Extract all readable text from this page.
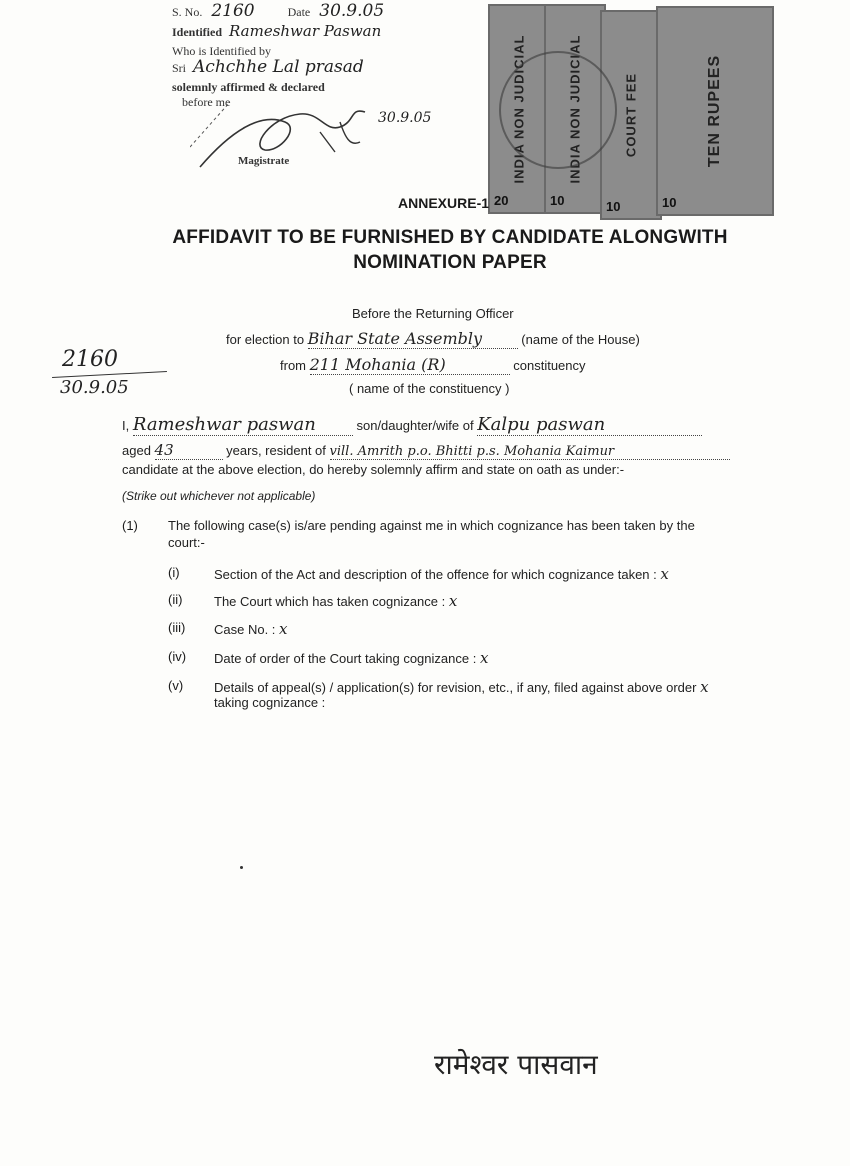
S. No. 2160	Date 30.9.05
Identified Rameshwar Paswan
Who is Identified by
Sri Achchhe Lal prasad
solemnly affirmed & declared
before me
30.9.05
Magistrate	INDIA NON JUDICIAL
20
INDIA NON JUDICIAL
10
COURT FEE
10
TEN RUPEES
10
ANNEXURE-1
AFFIDAVIT TO BE FURNISHED BY CANDIDATE ALONGWITH
NOMINATION PAPER
2160
30.9.05
Before the Returning Officer
for election to Bihar State Assembly	(name of the House)
from 211 Mohania (R)	constituency
( name of the constituency )
I, Rameshwar paswan	son/daughter/wife of Kalpu paswan
aged 43	years, resident of vill. Amrith p.o. Bhitti p.s. Mohania Kaimur
candidate at the above election, do hereby solemnly affirm and state on oath as under:-
(Strike out whichever not applicable)
(1) The following case(s) is/are pending against me in which cognizance has been taken by the
court:-
(i)	Section of the Act and description of the offence for which cognizance taken : x
(ii) The Court which has taken cognizance : x
(iii) Case No. : x
(iv) Date of order of the Court taking cognizance : x
(v) Details of appeal(s) / application(s) for revision, etc., if any, filed against above order x
taking cognizance :
रामेश्वर पासवान
